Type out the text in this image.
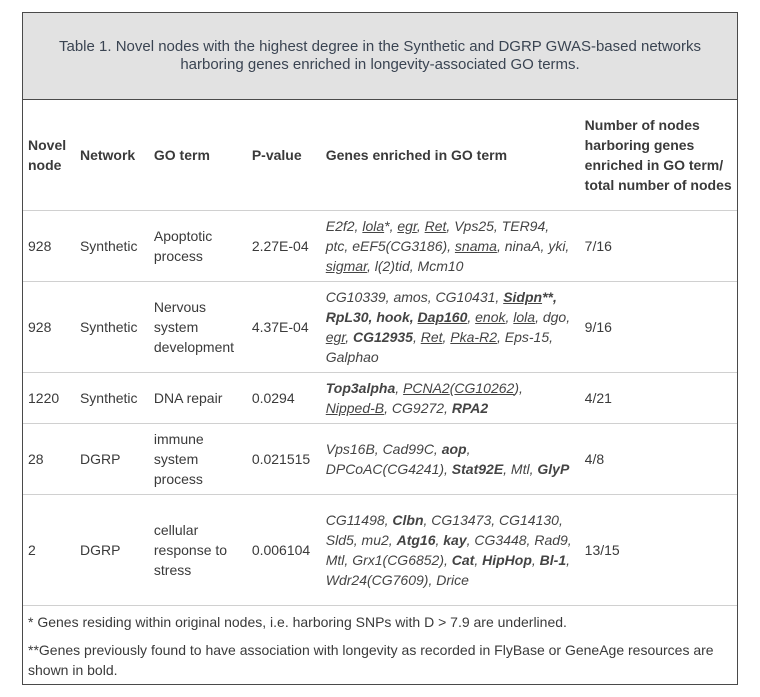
Table 1. Novel nodes with the highest degree in the Synthetic and DGRP GWAS-based networks harboring genes enriched in longevity-associated GO terms.
Novel node	Network	GO term	P-value	Genes enriched in GO term	Number of nodes harboring genes enriched in GO term/ total number of nodes
928	Synthetic	Apoptotic process	2.27E-04	E2f2, lola*, egr, Ret, Vps25, TER94, ptc, eEF5(CG3186), snama, ninaA, yki, sigmar, l(2)tid, Mcm10	7/16
928	Synthetic	Nervous system development	4.37E-04	CG10339, amos, CG10431, Sidpn**, RpL30, hook, Dap160, enok, lola, dgo, egr, CG12935, Ret, Pka-R2, Eps-15, Galphao	9/16
1220	Synthetic	DNA repair	0.0294	Top3alpha, PCNA2(CG10262), Nipped-B, CG9272, RPA2	4/21
28	DGRP	immune system process	0.021515	Vps16B, Cad99C, aop, DPCoAC(CG4241), Stat92E, Mtl, GlyP	4/8
2	DGRP	cellular response to stress	0.006104	CG11498, Clbn, CG13473, CG14130, Sld5, mu2, Atg16, kay, CG3448, Rad9, Mtl, Grx1(CG6852), Cat, HipHop, Bl-1, Wdr24(CG7609), Drice	13/15

* Genes residing within original nodes, i.e. harboring SNPs with D > 7.9 are underlined.

**Genes previously found to have association with longevity as recorded in FlyBase or GeneAge resources are shown in bold.
